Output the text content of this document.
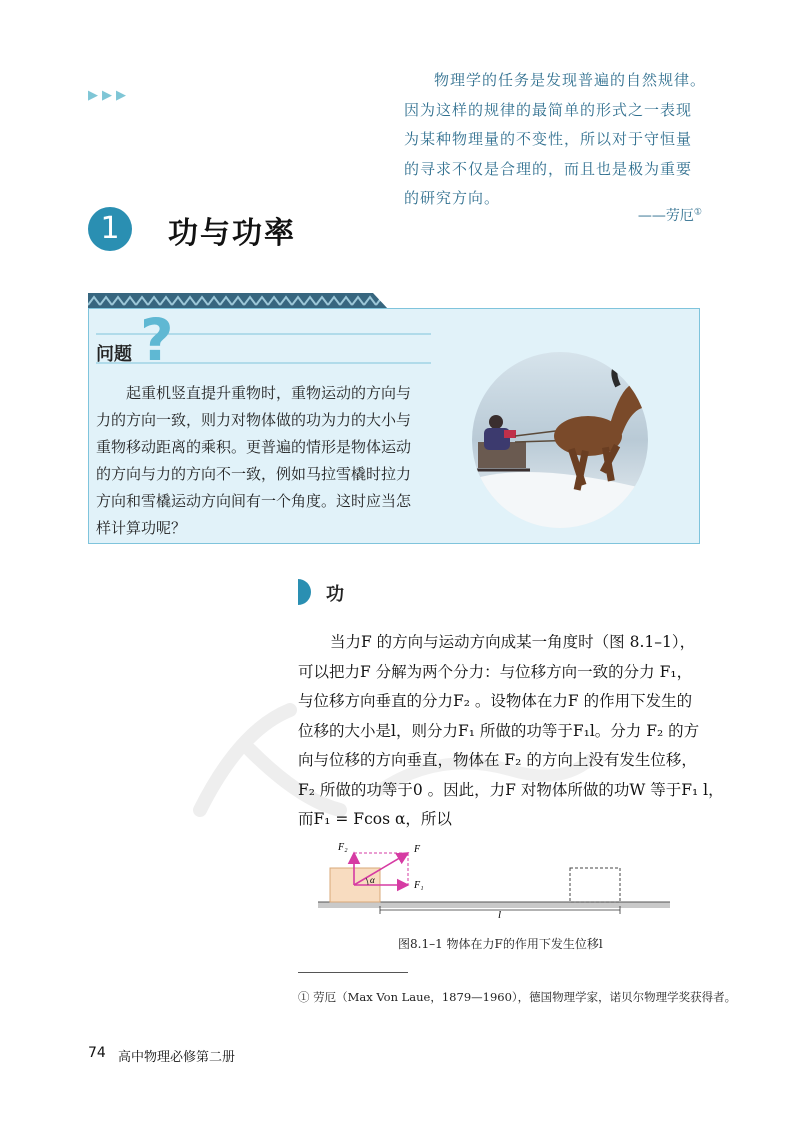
▶ ▶ ▶
物理学的任务是发现普遍的自然规律。
因为这样的规律的最简单的形式之一表现
为某种物理量的不变性，所以对于守恒量
的寻求不仅是合理的，而且也是极为重要
的研究方向。
——劳厄①
1	功与功率
?
问题
起重机竖直提升重物时，重物运动的方向与
力的方向一致，则力对物体做的功为力的大小与
重物移动距离的乘积。更普遍的情形是物体运动
的方向与力的方向不一致，例如马拉雪橇时拉力
方向和雪橇运动方向间有一个角度。这时应当怎
样计算功呢？
功
当力F 的方向与运动方向成某一角度时（图 8.1–1），
可以把力F 分解为两个分力：与位移方向一致的分力 F₁，
与位移方向垂直的分力F₂ 。设物体在力F 的作用下发生的
位移的大小是l，则分力F₁ 所做的功等于F₁l。分力 F₂ 的方
向与位移的方向垂直，物体在 F₂ 的方向上没有发生位移，
F₂ 所做的功等于0 。因此，力F 对物体所做的功W 等于F₁ l，
而F₁ = Fcos α，所以
F
F₁
F₂
α
l
图8.1–1 物体在力F的作用下发生位移l
① 劳厄（Max Von Laue，1879—1960），德国物理学家，诺贝尔物理学奖获得者。
74 高中物理必修第二册
